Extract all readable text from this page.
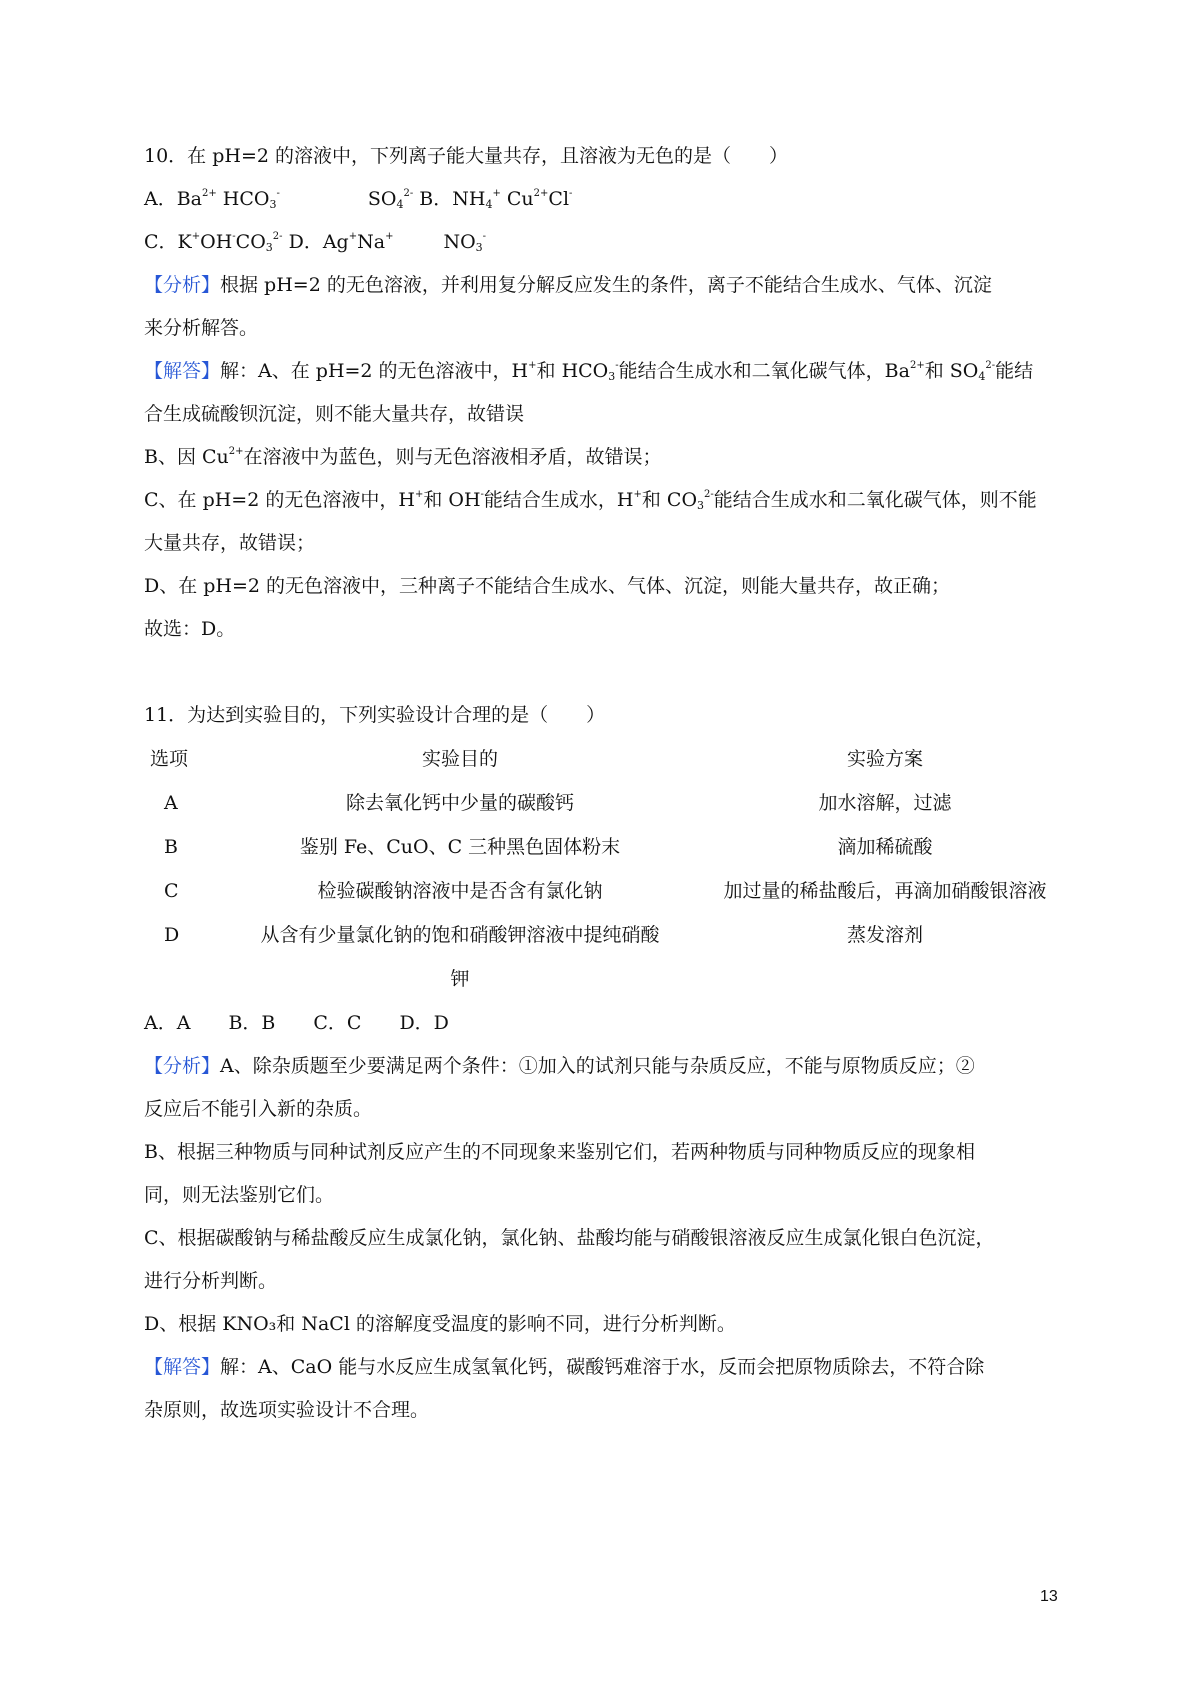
10．在 pH=2 的溶液中，下列离子能大量共存，且溶液为无色的是（　　）
A．$Ba^{2+}$ $HCO_3^-$	$SO_4^{2-}$ B．$NH_4^+$ $Cu^{2+}Cl^-$
C．$K^+OH^-CO_3^{2-}$ D．Ag+Na+	$NO_3^-$
【分析】根据 pH=2 的无色溶液，并利用复分解反应发生的条件，离子不能结合生成水、气体、沉淀
来分析解答。
【解答】解：A、在 pH=2 的无色溶液中，H+和 $HCO_3^-$能结合生成水和二氧化碳气体，$Ba^{2+}$和 $SO_4^{2-}$能结
合生成硫酸钡沉淀，则不能大量共存，故错误
B、因 $Cu^{2+}$在溶液中为蓝色，则与无色溶液相矛盾，故错误；
C、在 pH=2 的无色溶液中，H+和 OH-能结合生成水，H+和 $CO_3^{2-}$能结合生成水和二氧化碳气体，则不能
大量共存，故错误；
D、在 pH=2 的无色溶液中，三种离子不能结合生成水、气体、沉淀，则能大量共存，故正确；
故选：D。
11．为达到实验目的，下列实验设计合理的是（　　）
选项	实验目的	实验方案
A	除去氧化钙中少量的碳酸钙	加水溶解，过滤
B	鉴别 Fe、CuO、C 三种黑色固体粉末	滴加稀硫酸
C	检验碳酸钠溶液中是否含有氯化钠	加过量的稀盐酸后，再滴加硝酸银溶液
D	从含有少量氯化钠的饱和硝酸钾溶液中提纯硝酸	蒸发溶剂
钾
A．A　　B．B　　C．C　　D．D
【分析】A、除杂质题至少要满足两个条件：①加入的试剂只能与杂质反应，不能与原物质反应；②
反应后不能引入新的杂质。
B、根据三种物质与同种试剂反应产生的不同现象来鉴别它们，若两种物质与同种物质反应的现象相
同，则无法鉴别它们。
C、根据碳酸钠与稀盐酸反应生成氯化钠，氯化钠、盐酸均能与硝酸银溶液反应生成氯化银白色沉淀，
进行分析判断。
D、根据 KNO₃和 NaCl 的溶解度受温度的影响不同，进行分析判断。
【解答】解：A、CaO 能与水反应生成氢氧化钙，碳酸钙难溶于水，反而会把原物质除去，不符合除
杂原则，故选项实验设计不合理。
13
